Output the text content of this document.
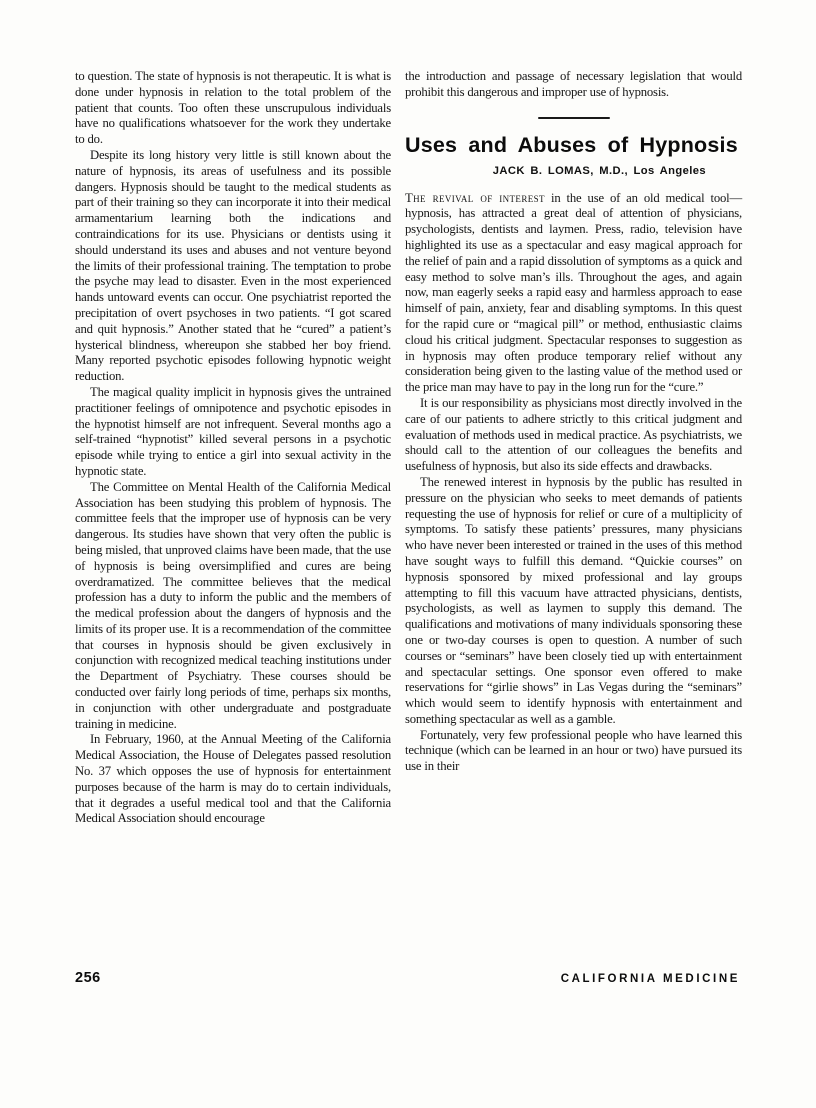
to question. The state of hypnosis is not therapeutic. It is what is done under hypnosis in relation to the total problem of the patient that counts. Too often these unscrupulous individuals have no qualifications whatsoever for the work they undertake to do.

Despite its long history very little is still known about the nature of hypnosis, its areas of usefulness and its possible dangers. Hypnosis should be taught to the medical students as part of their training so they can incorporate it into their medical armamentarium learning both the indications and contraindications for its use. Physicians or dentists using it should understand its uses and abuses and not venture beyond the limits of their professional training. The temptation to probe the psyche may lead to disaster. Even in the most experienced hands untoward events can occur. One psychiatrist reported the precipitation of overt psychoses in two patients. “I got scared and quit hypnosis.” Another stated that he “cured” a patient’s hysterical blindness, whereupon she stabbed her boy friend. Many reported psychotic episodes following hypnotic weight reduction.

The magical quality implicit in hypnosis gives the untrained practitioner feelings of omnipotence and psychotic episodes in the hypnotist himself are not infrequent. Several months ago a self-trained “hypnotist” killed several persons in a psychotic episode while trying to entice a girl into sexual activity in the hypnotic state.

The Committee on Mental Health of the California Medical Association has been studying this problem of hypnosis. The committee feels that the improper use of hypnosis can be very dangerous. Its studies have shown that very often the public is being misled, that unproved claims have been made, that the use of hypnosis is being oversimplified and cures are being overdramatized. The committee believes that the medical profession has a duty to inform the public and the members of the medical profession about the dangers of hypnosis and the limits of its proper use. It is a recommendation of the committee that courses in hypnosis should be given exclusively in conjunction with recognized medical teaching institutions under the Department of Psychiatry. These courses should be conducted over fairly long periods of time, perhaps six months, in conjunction with other undergraduate and postgraduate training in medicine.

In February, 1960, at the Annual Meeting of the California Medical Association, the House of Delegates passed resolution No. 37 which opposes the use of hypnosis for entertainment purposes because of the harm is may do to certain individuals, that it degrades a useful medical tool and that the California Medical Association should encourage

the introduction and passage of necessary legislation that would prohibit this dangerous and improper use of hypnosis.

Uses and Abuses of Hypnosis
JACK B. LOMAS, M.D., Los Angeles

The revival of interest in the use of an old medical tool—hypnosis, has attracted a great deal of attention of physicians, psychologists, dentists and laymen. Press, radio, television have highlighted its use as a spectacular and easy magical approach for the relief of pain and a rapid dissolution of symptoms as a quick and easy method to solve man’s ills. Throughout the ages, and again now, man eagerly seeks a rapid easy and harmless approach to ease himself of pain, anxiety, fear and disabling symptoms. In this quest for the rapid cure or “magical pill” or method, enthusiastic claims cloud his critical judgment. Spectacular responses to suggestion as in hypnosis may often produce temporary relief without any consideration being given to the lasting value of the method used or the price man may have to pay in the long run for the “cure.”

It is our responsibility as physicians most directly involved in the care of our patients to adhere strictly to this critical judgment and evaluation of methods used in medical practice. As psychiatrists, we should call to the attention of our colleagues the benefits and usefulness of hypnosis, but also its side effects and drawbacks.

The renewed interest in hypnosis by the public has resulted in pressure on the physician who seeks to meet demands of patients requesting the use of hypnosis for relief or cure of a multiplicity of symptoms. To satisfy these patients’ pressures, many physicians who have never been interested or trained in the uses of this method have sought ways to fulfill this demand. “Quickie courses” on hypnosis sponsored by mixed professional and lay groups attempting to fill this vacuum have attracted physicians, dentists, psychologists, as well as laymen to supply this demand. The qualifications and motivations of many individuals sponsoring these one or two-day courses is open to question. A number of such courses or “seminars” have been closely tied up with entertainment and spectacular settings. One sponsor even offered to make reservations for “girlie shows” in Las Vegas during the “seminars” which would seem to identify hypnosis with entertainment and something spectacular as well as a gamble.

Fortunately, very few professional people who have learned this technique (which can be learned in an hour or two) have pursued its use in their

256	CALIFORNIA MEDICINE
